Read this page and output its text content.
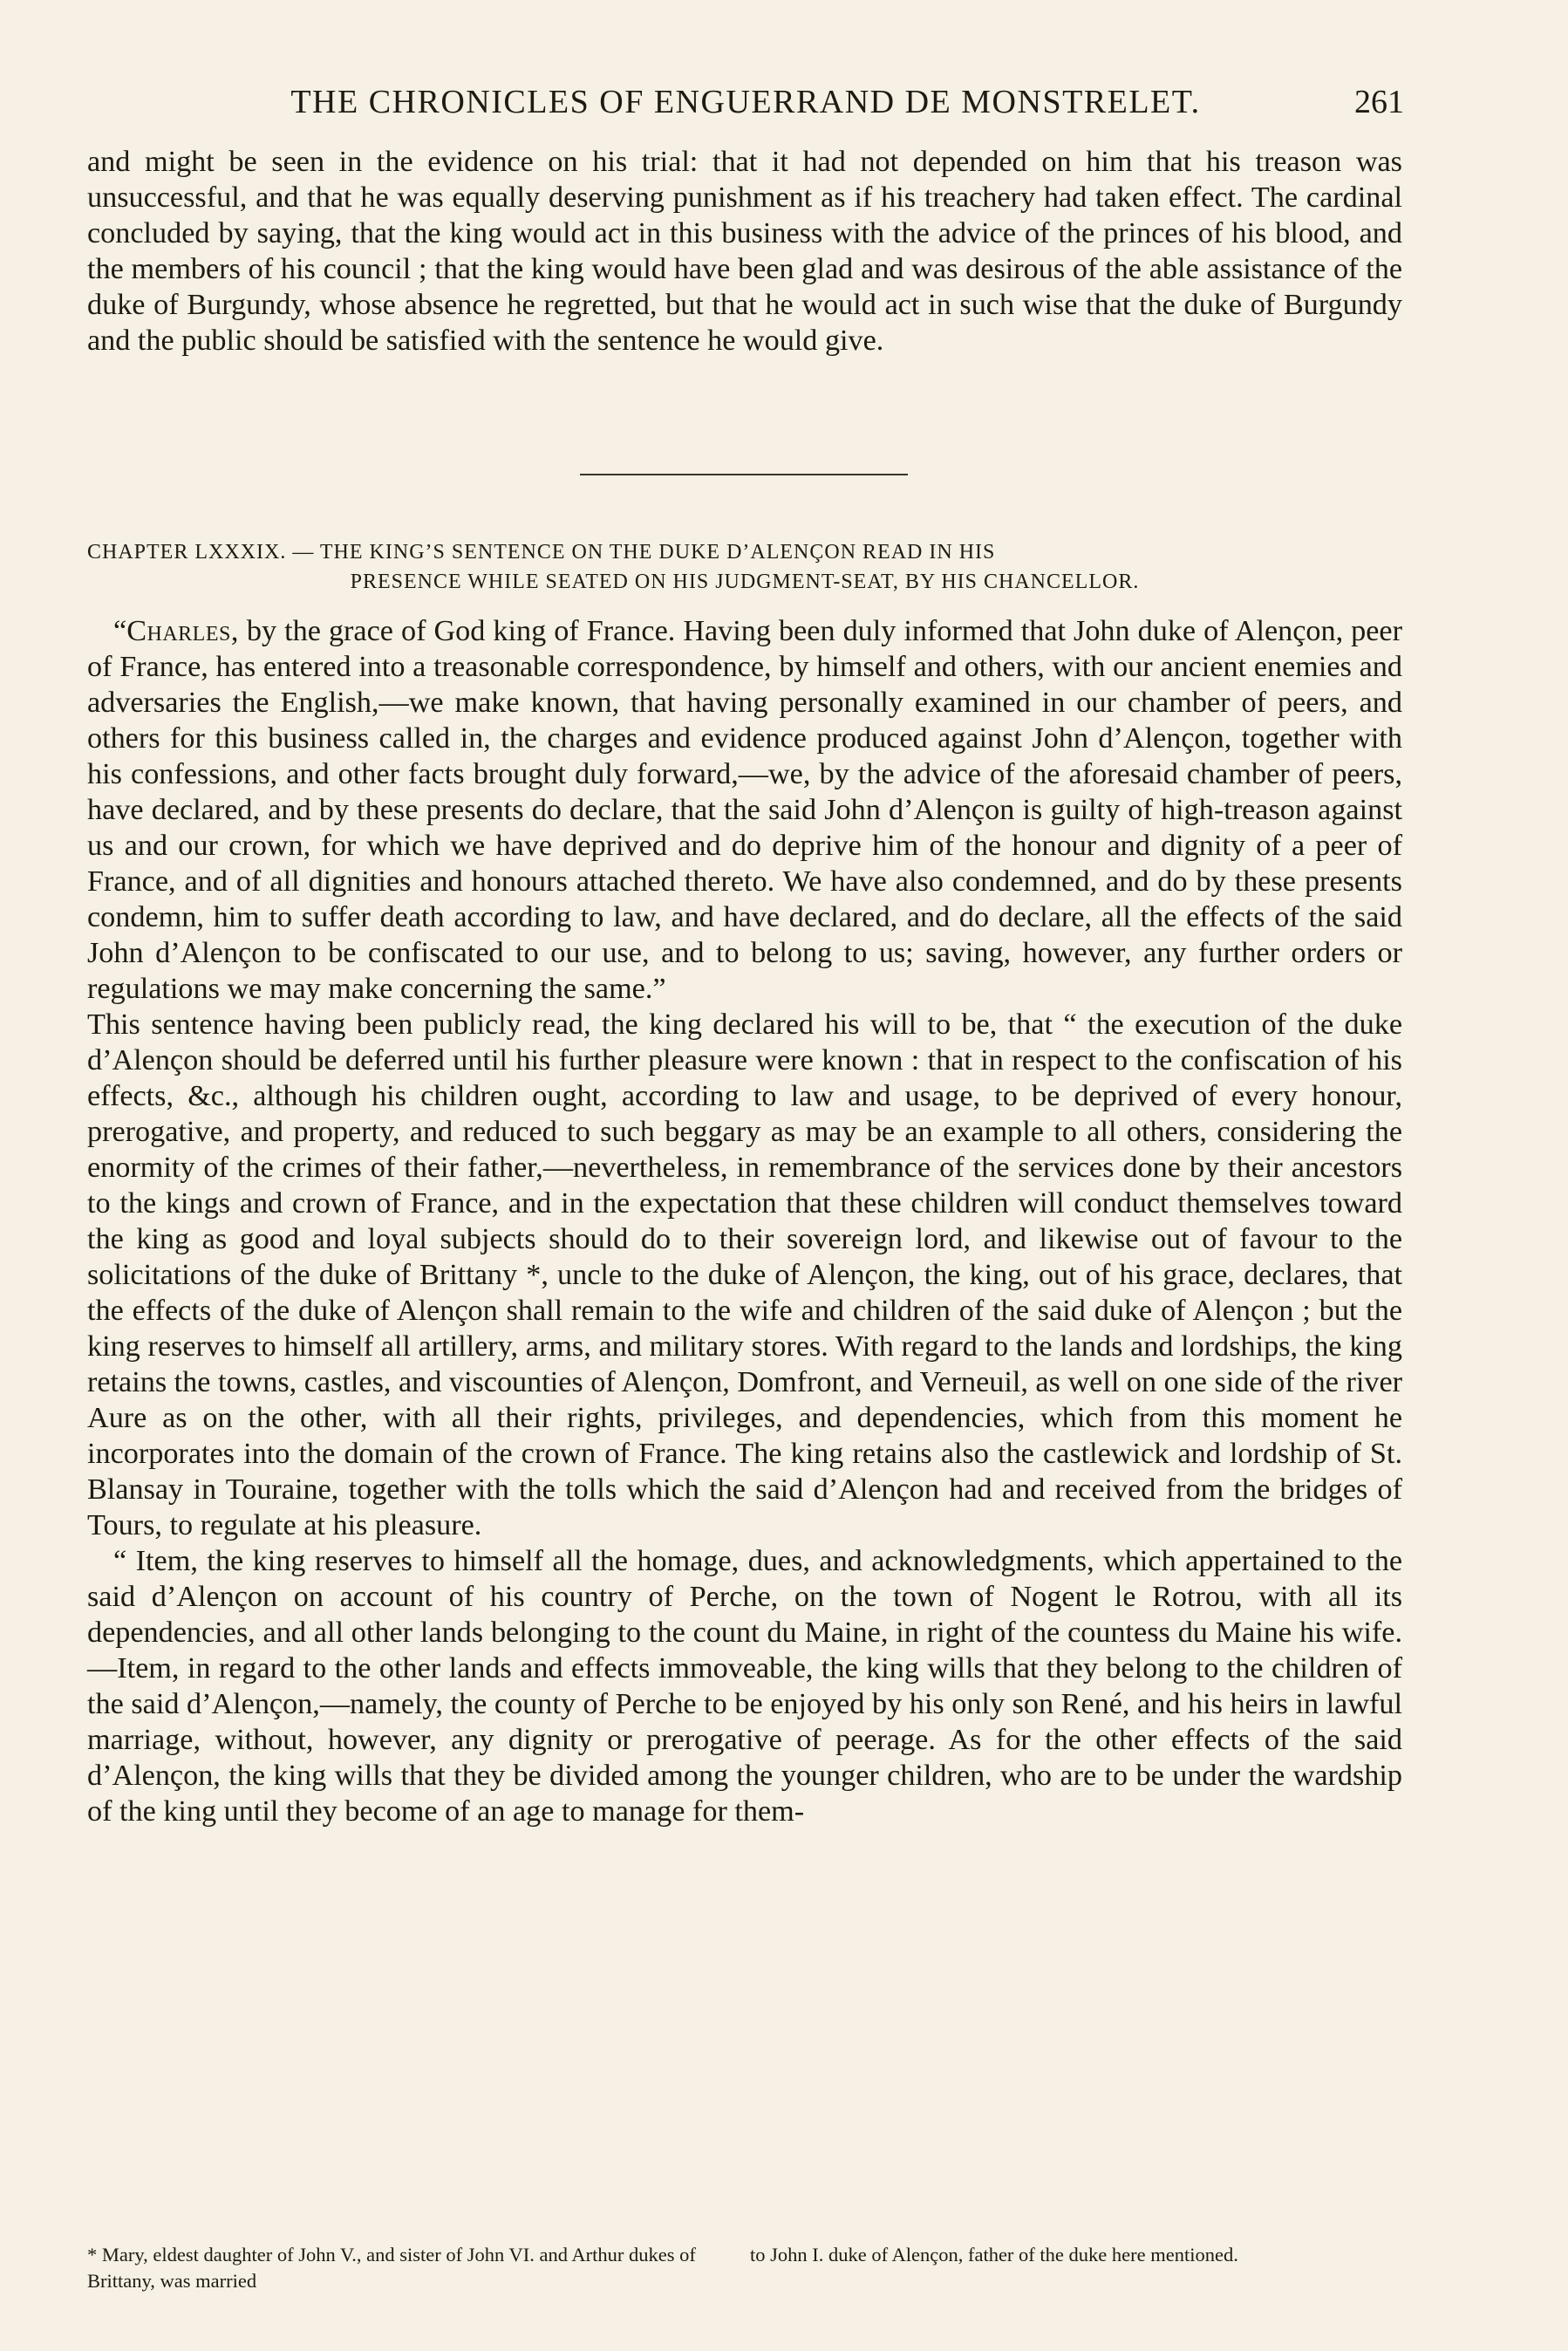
THE CHRONICLES OF ENGUERRAND DE MONSTRELET.	261

and might be seen in the evidence on his trial: that it had not depended on him that his treason was unsuccessful, and that he was equally deserving punishment as if his treachery had taken effect. The cardinal concluded by saying, that the king would act in this business with the advice of the princes of his blood, and the members of his council ; that the king would have been glad and was desirous of the able assistance of the duke of Burgundy, whose absence he regretted, but that he would act in such wise that the duke of Burgundy and the public should be satisfied with the sentence he would give.

CHAPTER LXXXIX. — THE KING’S SENTENCE ON THE DUKE D’ALENÇON READ IN HIS
PRESENCE WHILE SEATED ON HIS JUDGMENT-SEAT, BY HIS CHANCELLOR.

“Charles, by the grace of God king of France. Having been duly informed that John duke of Alençon, peer of France, has entered into a treasonable correspondence, by himself and others, with our ancient enemies and adversaries the English,—we make known, that having personally examined in our chamber of peers, and others for this business called in, the charges and evidence produced against John d’Alençon, together with his confessions, and other facts brought duly forward,—we, by the advice of the aforesaid chamber of peers, have declared, and by these presents do declare, that the said John d’Alençon is guilty of high-treason against us and our crown, for which we have deprived and do deprive him of the honour and dignity of a peer of France, and of all dignities and honours attached thereto. We have also condemned, and do by these presents condemn, him to suffer death according to law, and have declared, and do declare, all the effects of the said John d’Alençon to be confiscated to our use, and to belong to us; saving, however, any further orders or regulations we may make concerning the same.”

This sentence having been publicly read, the king declared his will to be, that “ the execution of the duke d’Alençon should be deferred until his further pleasure were known : that in respect to the confiscation of his effects, &c., although his children ought, according to law and usage, to be deprived of every honour, prerogative, and property, and reduced to such beggary as may be an example to all others, considering the enormity of the crimes of their father,—nevertheless, in remembrance of the services done by their ancestors to the kings and crown of France, and in the expectation that these children will conduct themselves toward the king as good and loyal subjects should do to their sovereign lord, and likewise out of favour to the solicitations of the duke of Brittany *, uncle to the duke of Alençon, the king, out of his grace, declares, that the effects of the duke of Alençon shall remain to the wife and children of the said duke of Alençon ; but the king reserves to himself all artillery, arms, and military stores. With regard to the lands and lordships, the king retains the towns, castles, and viscounties of Alençon, Domfront, and Verneuil, as well on one side of the river Aure as on the other, with all their rights, privileges, and dependencies, which from this moment he incorporates into the domain of the crown of France. The king retains also the castlewick and lordship of St. Blansay in Touraine, together with the tolls which the said d’Alençon had and received from the bridges of Tours, to regulate at his pleasure.

“ Item, the king reserves to himself all the homage, dues, and acknowledgments, which appertained to the said d’Alençon on account of his country of Perche, on the town of Nogent le Rotrou, with all its dependencies, and all other lands belonging to the count du Maine, in right of the countess du Maine his wife.—Item, in regard to the other lands and effects immoveable, the king wills that they belong to the children of the said d’Alençon,—namely, the county of Perche to be enjoyed by his only son René, and his heirs in lawful marriage, without, however, any dignity or prerogative of peerage. As for the other effects of the said d’Alençon, the king wills that they be divided among the younger children, who are to be under the wardship of the king until they become of an age to manage for them-

* Mary, eldest daughter of John V., and sister of John VI. and Arthur dukes of Brittany, was married
to John I. duke of Alençon, father of the duke here mentioned.
